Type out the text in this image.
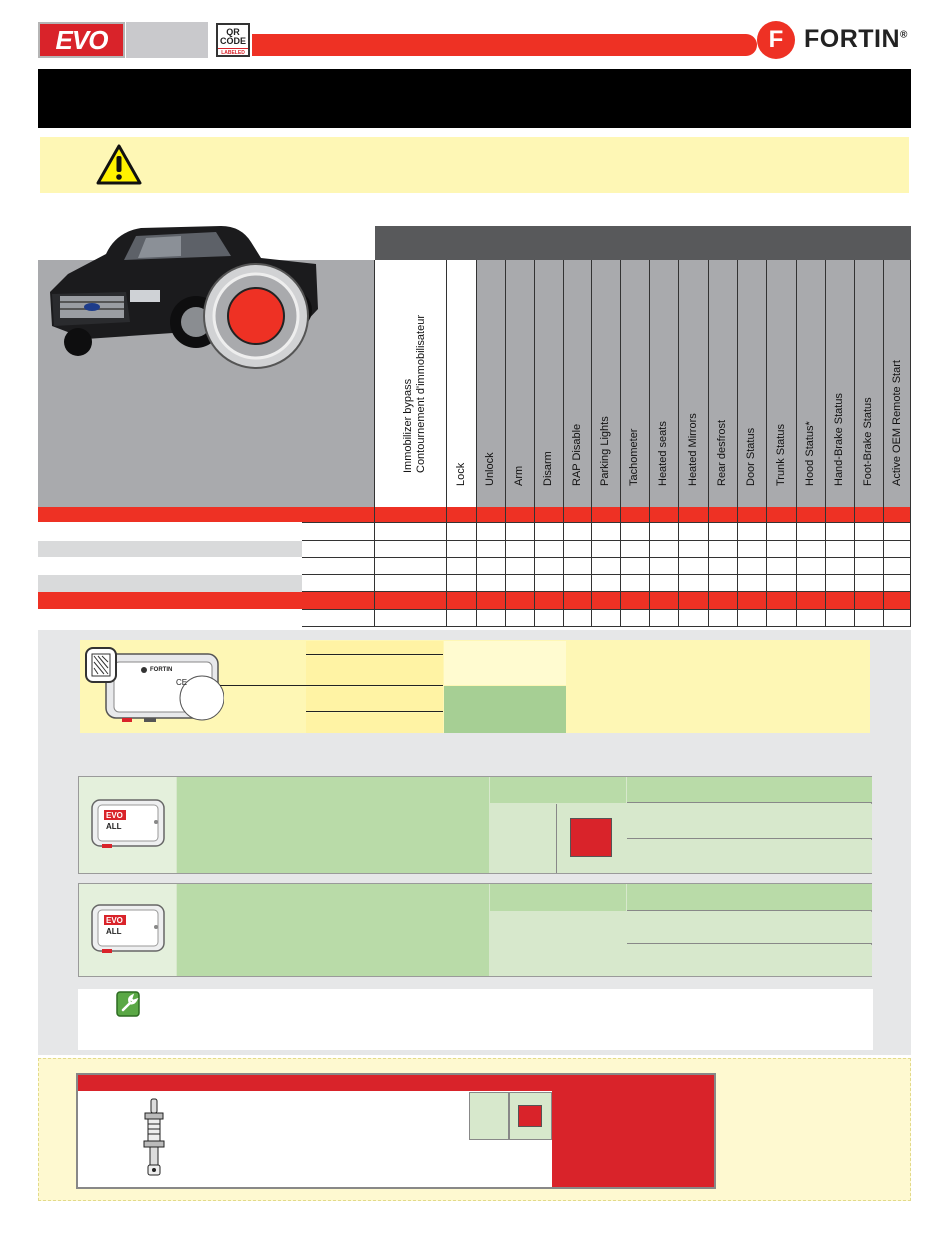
EVO	QR
CODE
LABELED	F FORTIN®
Immobilizer bypass Contournement d'immobilisateur
Lock Unlock Arm Disarm RAP Disable Parking Lights Tachometer Heated seats Heated Mirrors Rear desfrost Door Status Trunk Status Hood Status* Hand-Brake Status Foot-Brake Status Active OEM Remote Start
FORTIN
CE
EVO
ALL
EVO
ALL
